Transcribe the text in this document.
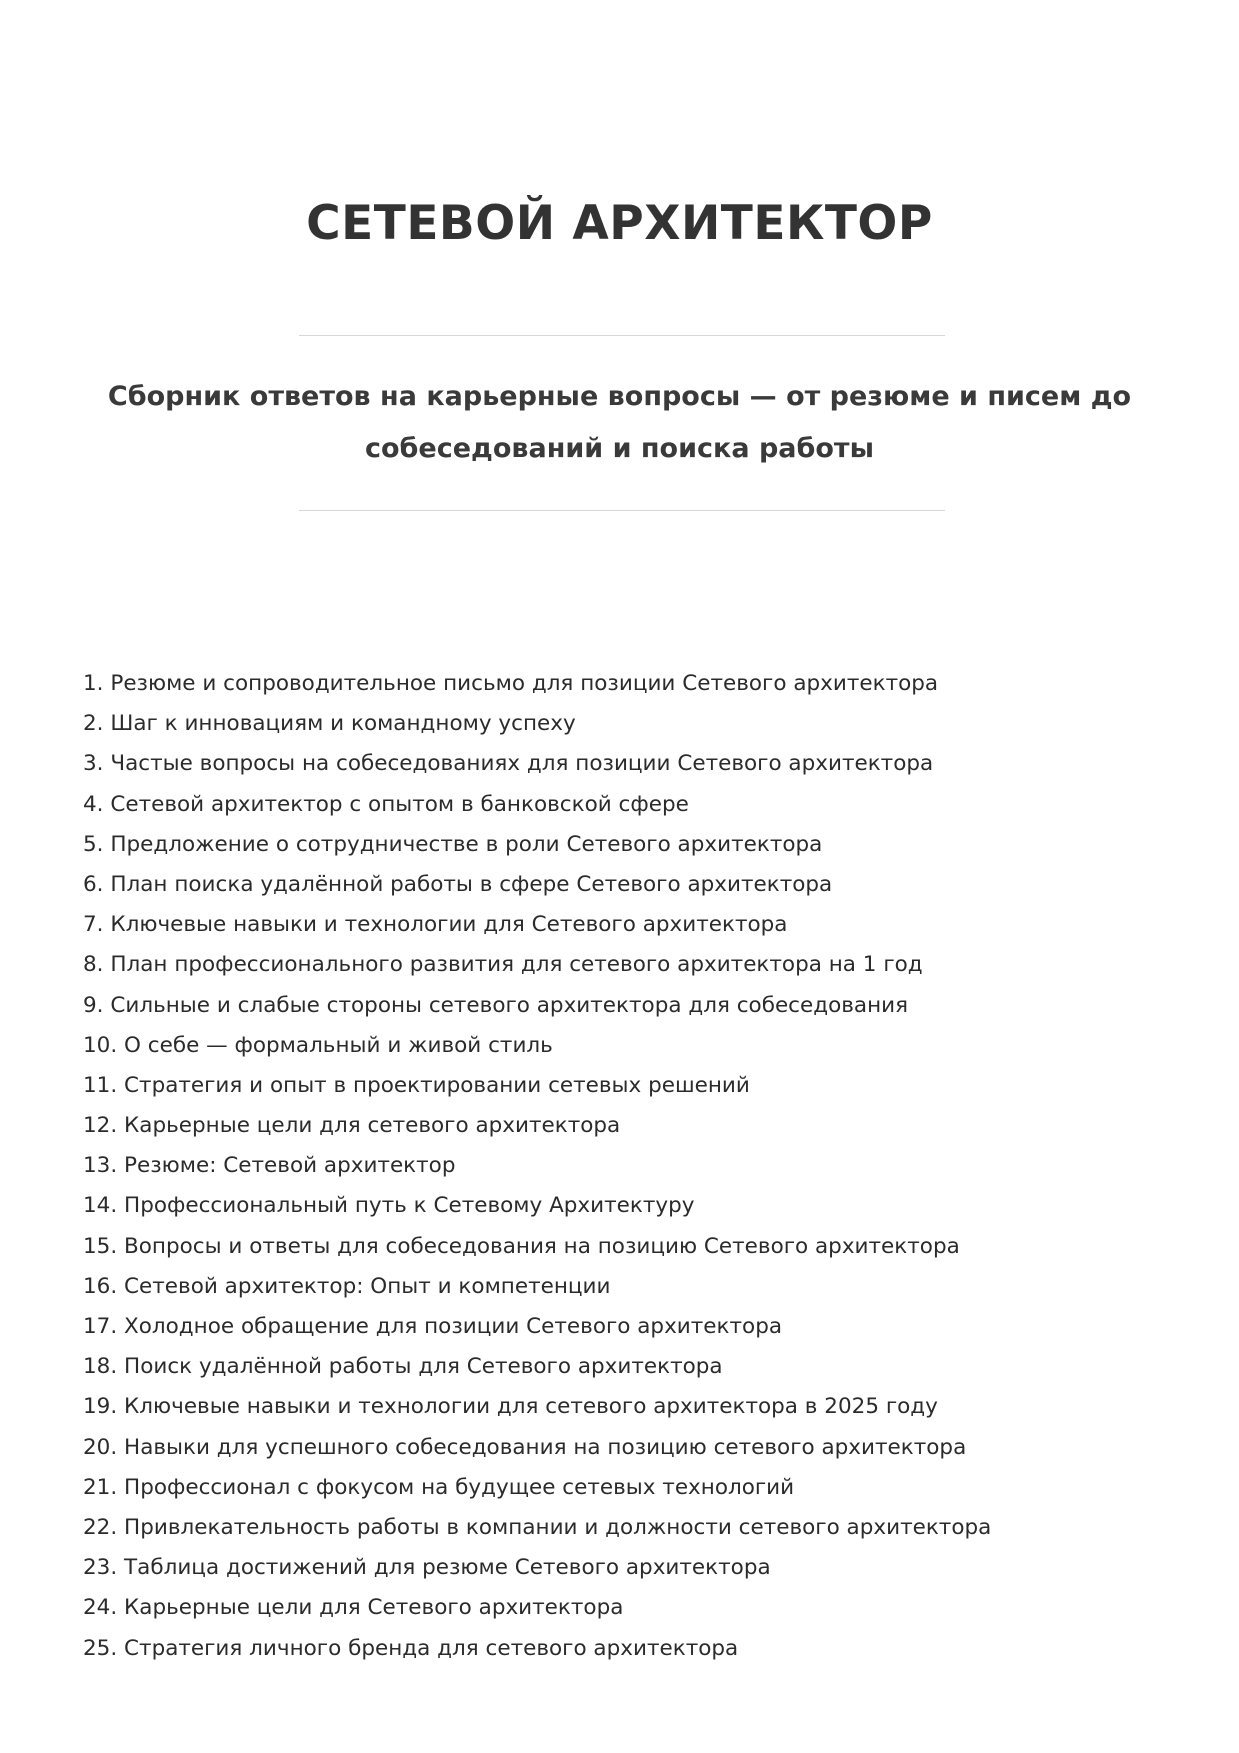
СЕТЕВОЙ АРХИТЕКТОР

Сборник ответов на карьерные вопросы — от резюме и писем до
собеседований и поиска работы

1. Резюме и сопроводительное письмо для позиции Сетевого архитектора
2. Шаг к инновациям и командному успеху
3. Частые вопросы на собеседованиях для позиции Сетевого архитектора
4. Сетевой архитектор с опытом в банковской сфере
5. Предложение о сотрудничестве в роли Сетевого архитектора
6. План поиска удалённой работы в сфере Сетевого архитектора
7. Ключевые навыки и технологии для Сетевого архитектора
8. План профессионального развития для сетевого архитектора на 1 год
9. Сильные и слабые стороны сетевого архитектора для собеседования
10. О себе — формальный и живой стиль
11. Стратегия и опыт в проектировании сетевых решений
12. Карьерные цели для сетевого архитектора
13. Резюме: Сетевой архитектор
14. Профессиональный путь к Сетевому Архитектуру
15. Вопросы и ответы для собеседования на позицию Сетевого архитектора
16. Сетевой архитектор: Опыт и компетенции
17. Холодное обращение для позиции Сетевого архитектора
18. Поиск удалённой работы для Сетевого архитектора
19. Ключевые навыки и технологии для сетевого архитектора в 2025 году
20. Навыки для успешного собеседования на позицию сетевого архитектора
21. Профессионал с фокусом на будущее сетевых технологий
22. Привлекательность работы в компании и должности сетевого архитектора
23. Таблица достижений для резюме Сетевого архитектора
24. Карьерные цели для Сетевого архитектора
25. Стратегия личного бренда для сетевого архитектора
